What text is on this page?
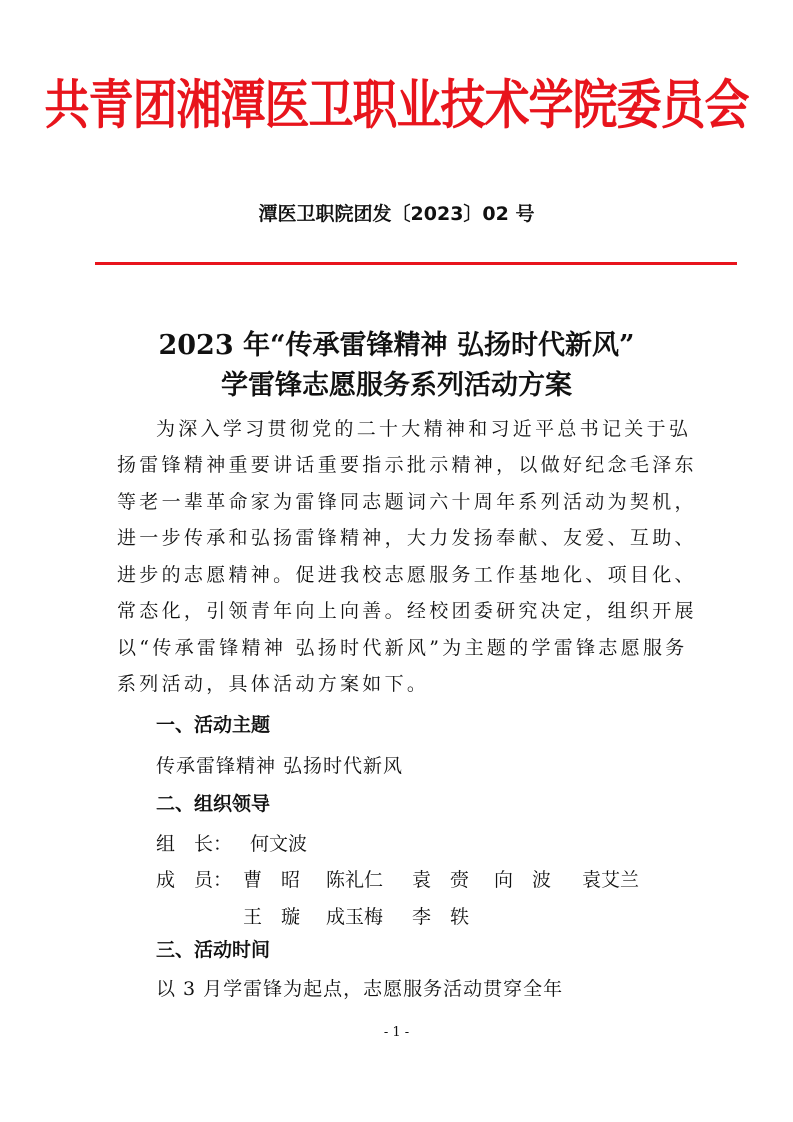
共青团湘潭医卫职业技术学院委员会
潭医卫职院团发〔2023〕02 号
2023 年“传承雷锋精神 弘扬时代新风”
学雷锋志愿服务系列活动方案
为深入学习贯彻党的二十大精神和习近平总书记关于弘
扬雷锋精神重要讲话重要指示批示精神，以做好纪念毛泽东
等老一辈革命家为雷锋同志题词六十周年系列活动为契机，
进一步传承和弘扬雷锋精神，大力发扬奉献、友爱、互助、
进步的志愿精神。促进我校志愿服务工作基地化、项目化、
常态化，引领青年向上向善。经校团委研究决定，组织开展
以“传承雷锋精神 弘扬时代新风”为主题的学雷锋志愿服务
系列活动，具体活动方案如下。
一、活动主题
传承雷锋精神 弘扬时代新风
二、组织领导
组　长： 何文波
成　员： 曹　昭 陈礼仁 袁　赍 向　波 袁艾兰
王　璇 成玉梅 李　轶
三、活动时间
以 3 月学雷锋为起点，志愿服务活动贯穿全年
- 1 -
